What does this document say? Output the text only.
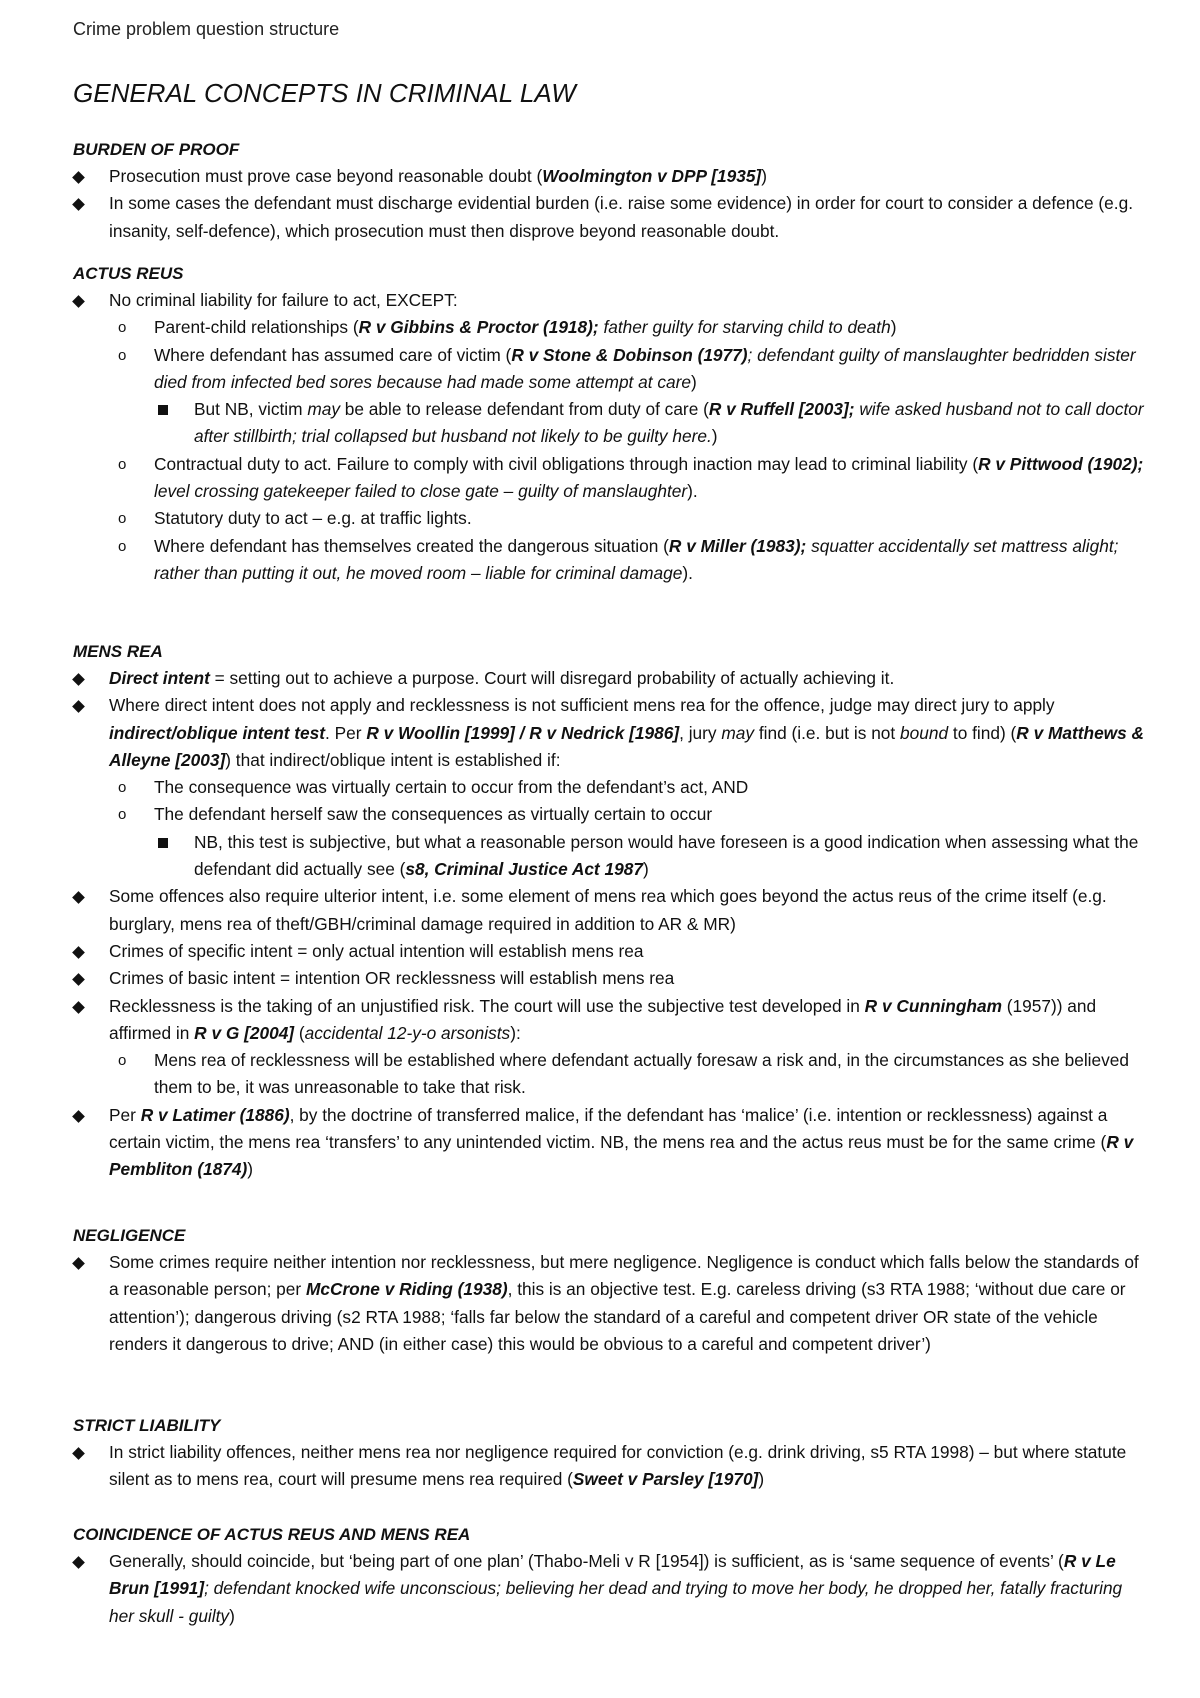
Crime problem question structure
GENERAL CONCEPTS IN CRIMINAL LAW
BURDEN OF PROOF
Prosecution must prove case beyond reasonable doubt (Woolmington v DPP [1935])
In some cases the defendant must discharge evidential burden (i.e. raise some evidence) in order for court to consider a defence (e.g. insanity, self-defence), which prosecution must then disprove beyond reasonable doubt.
ACTUS REUS
No criminal liability for failure to act, EXCEPT:
o Parent-child relationships (R v Gibbins & Proctor (1918); father guilty for starving child to death)
o Where defendant has assumed care of victim (R v Stone & Dobinson (1977); defendant guilty of manslaughter bedridden sister died from infected bed sores because had made some attempt at care)
But NB, victim may be able to release defendant from duty of care (R v Ruffell [2003]; wife asked husband not to call doctor after stillbirth; trial collapsed but husband not likely to be guilty here.)
o Contractual duty to act. Failure to comply with civil obligations through inaction may lead to criminal liability (R v Pittwood (1902); level crossing gatekeeper failed to close gate – guilty of manslaughter).
o Statutory duty to act – e.g. at traffic lights.
o Where defendant has themselves created the dangerous situation (R v Miller (1983); squatter accidentally set mattress alight; rather than putting it out, he moved room – liable for criminal damage).
MENS REA
Direct intent = setting out to achieve a purpose. Court will disregard probability of actually achieving it.
Where direct intent does not apply and recklessness is not sufficient mens rea for the offence, judge may direct jury to apply indirect/oblique intent test. Per R v Woollin [1999] / R v Nedrick [1986], jury may find (i.e. but is not bound to find) (R v Matthews & Alleyne [2003]) that indirect/oblique intent is established if:
o The consequence was virtually certain to occur from the defendant’s act, AND
o The defendant herself saw the consequences as virtually certain to occur
NB, this test is subjective, but what a reasonable person would have foreseen is a good indication when assessing what the defendant did actually see (s8, Criminal Justice Act 1987)
Some offences also require ulterior intent, i.e. some element of mens rea which goes beyond the actus reus of the crime itself (e.g. burglary, mens rea of theft/GBH/criminal damage required in addition to AR & MR)
Crimes of specific intent = only actual intention will establish mens rea
Crimes of basic intent = intention OR recklessness will establish mens rea
Recklessness is the taking of an unjustified risk. The court will use the subjective test developed in R v Cunningham (1957)) and affirmed in R v G [2004] (accidental 12-y-o arsonists):
o Mens rea of recklessness will be established where defendant actually foresaw a risk and, in the circumstances as she believed them to be, it was unreasonable to take that risk.
Per R v Latimer (1886), by the doctrine of transferred malice, if the defendant has ‘malice’ (i.e. intention or recklessness) against a certain victim, the mens rea ‘transfers’ to any unintended victim. NB, the mens rea and the actus reus must be for the same crime (R v Pembliton (1874))
NEGLIGENCE
Some crimes require neither intention nor recklessness, but mere negligence. Negligence is conduct which falls below the standards of a reasonable person; per McCrone v Riding (1938), this is an objective test. E.g. careless driving (s3 RTA 1988; ‘without due care or attention’); dangerous driving (s2 RTA 1988; ‘falls far below the standard of a careful and competent driver OR state of the vehicle renders it dangerous to drive; AND (in either case) this would be obvious to a careful and competent driver’)
STRICT LIABILITY
In strict liability offences, neither mens rea nor negligence required for conviction (e.g. drink driving, s5 RTA 1998) – but where statute silent as to mens rea, court will presume mens rea required (Sweet v Parsley [1970])
COINCIDENCE OF ACTUS REUS AND MENS REA
Generally, should coincide, but ‘being part of one plan’ (Thabo-Meli v R [1954]) is sufficient, as is ‘same sequence of events’ (R v Le Brun [1991]; defendant knocked wife unconscious; believing her dead and trying to move her body, he dropped her, fatally fracturing her skull - guilty)
